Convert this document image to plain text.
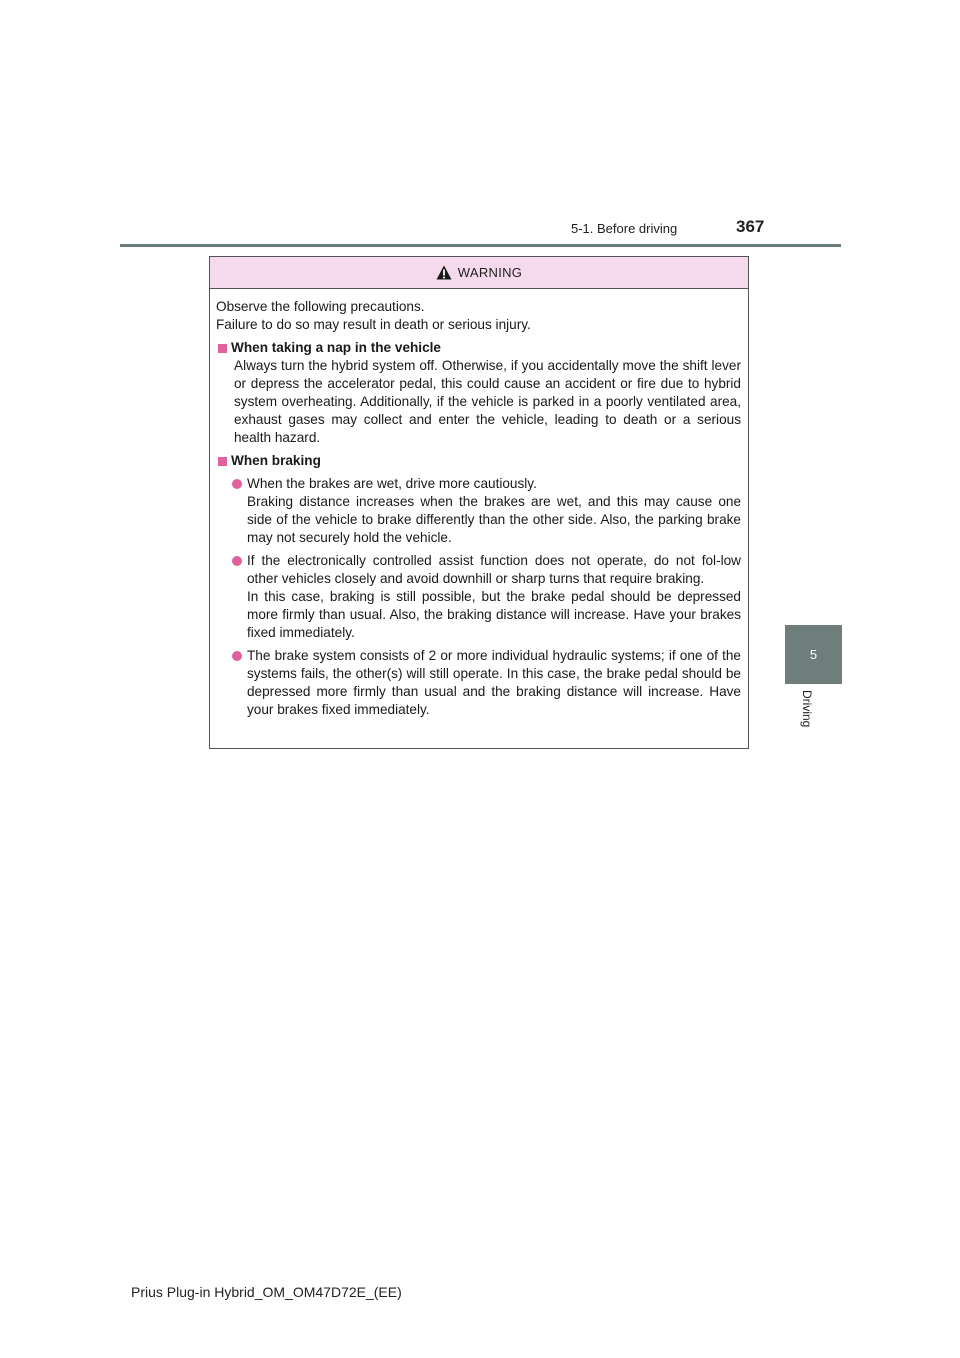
5-1. Before driving	367
5
Driving
WARNING

Observe the following precautions.

Failure to do so may result in death or serious injury.

When taking a nap in the vehicle

Always turn the hybrid system off. Otherwise, if you accidentally move the shift lever or depress the accelerator pedal, this could cause an accident or fire due to hybrid system overheating. Additionally, if the vehicle is parked in a poorly ventilated area, exhaust gases may collect and enter the vehicle, leading to death or a serious health hazard.

When braking

When the brakes are wet, drive more cautiously.

Braking distance increases when the brakes are wet, and this may cause one side of the vehicle to brake differently than the other side. Also, the parking brake may not securely hold the vehicle.

If the electronically controlled assist function does not operate, do not fol-low other vehicles closely and avoid downhill or sharp turns that require braking.

In this case, braking is still possible, but the brake pedal should be depressed more firmly than usual. Also, the braking distance will increase. Have your brakes fixed immediately.

The brake system consists of 2 or more individual hydraulic systems; if one of the systems fails, the other(s) will still operate. In this case, the brake pedal should be depressed more firmly than usual and the braking distance will increase. Have your brakes fixed immediately.

Prius Plug-in Hybrid_OM_OM47D72E_(EE)
